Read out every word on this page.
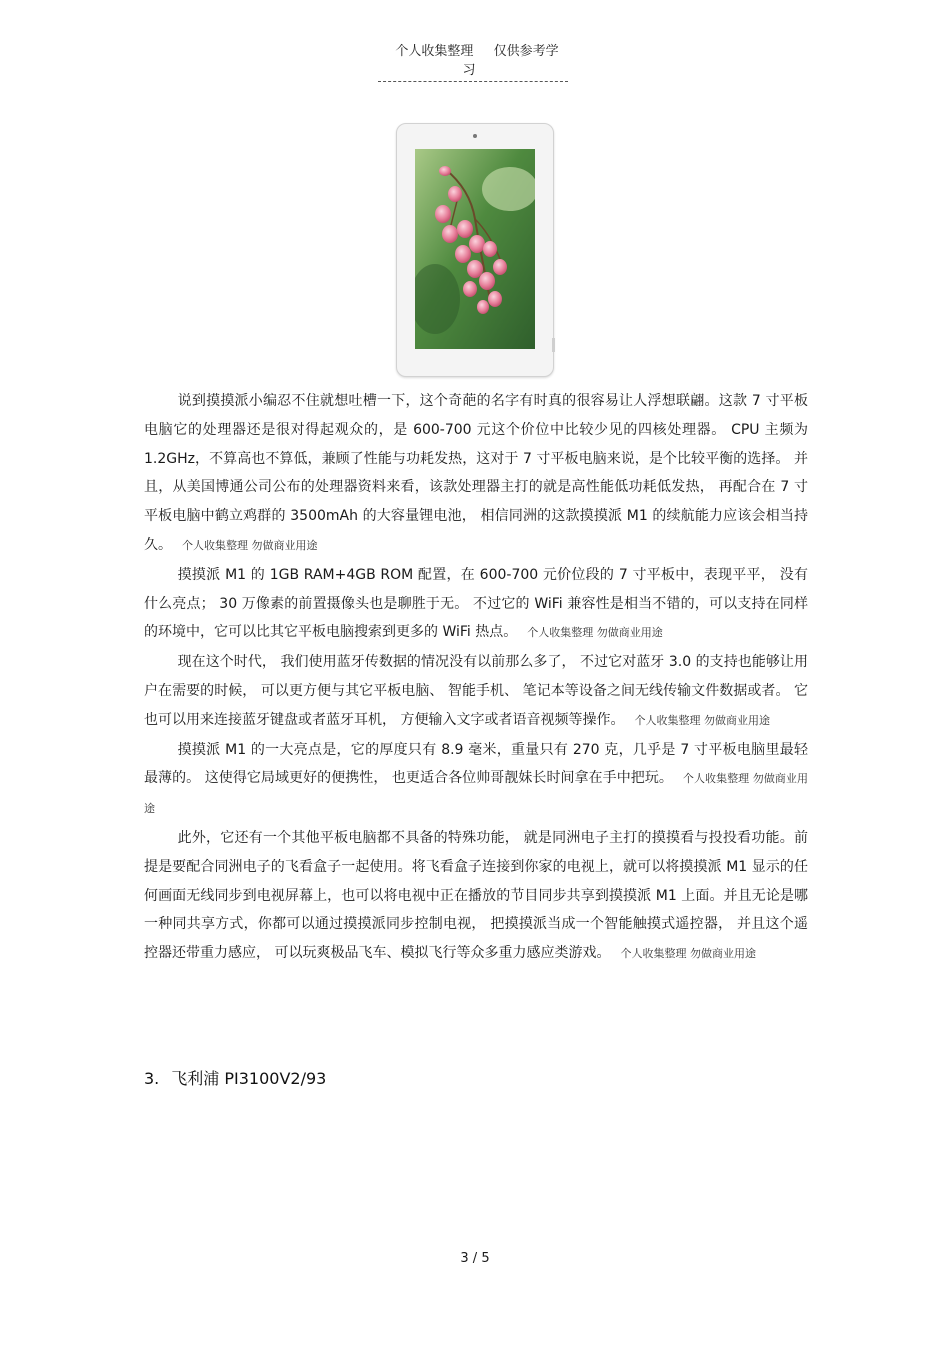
个人收集整理 仅供参考学习

说到摸摸派小编忍不住就想吐槽一下，这个奇葩的名字有时真的很容易让人浮想联翩。这款 7 寸平板电脑它的处理器还是很对得起观众的，是 600-700 元这个价位中比较少见的四核处理器。 CPU 主频为 1.2GHz，不算高也不算低，兼顾了性能与功耗发热，这对于 7 寸平板电脑来说，是个比较平衡的选择。 并且，从美国博通公司公布的处理器资料来看，该款处理器主打的就是高性能低功耗低发热， 再配合在 7 寸平板电脑中鹤立鸡群的 3500mAh 的大容量锂电池， 相信同洲的这款摸摸派 M1 的续航能力应该会相当持久。 个人收集整理 勿做商业用途

摸摸派 M1 的 1GB RAM+4GB ROM 配置，在 600-700 元价位段的 7 寸平板中，表现平平， 没有什么亮点； 30 万像素的前置摄像头也是聊胜于无。 不过它的 WiFi 兼容性是相当不错的，可以支持在同样的环境中，它可以比其它平板电脑搜索到更多的 WiFi 热点。 个人收集整理 勿做商业用途

现在这个时代， 我们使用蓝牙传数据的情况没有以前那么多了， 不过它对蓝牙 3.0 的支持也能够让用户在需要的时候， 可以更方便与其它平板电脑、 智能手机、 笔记本等设备之间无线传输文件数据或者。 它也可以用来连接蓝牙键盘或者蓝牙耳机， 方便输入文字或者语音视频等操作。 个人收集整理 勿做商业用途

摸摸派 M1 的一大亮点是，它的厚度只有 8.9 毫米，重量只有 270 克，几乎是 7 寸平板电脑里最轻最薄的。 这使得它局域更好的便携性， 也更适合各位帅哥靓妹长时间拿在手中把玩。 个人收集整理 勿做商业用途

此外，它还有一个其他平板电脑都不具备的特殊功能， 就是同洲电子主打的摸摸看与投投看功能。前提是要配合同洲电子的飞看盒子一起使用。将飞看盒子连接到你家的电视上，就可以将摸摸派 M1 显示的任何画面无线同步到电视屏幕上，也可以将电视中正在播放的节目同步共享到摸摸派 M1 上面。并且无论是哪一种同共享方式，你都可以通过摸摸派同步控制电视， 把摸摸派当成一个智能触摸式遥控器， 并且这个遥控器还带重力感应， 可以玩爽极品飞车、模拟飞行等众多重力感应类游戏。 个人收集整理 勿做商业用途

3. 飞利浦 PI3100V2/93
3 / 5
